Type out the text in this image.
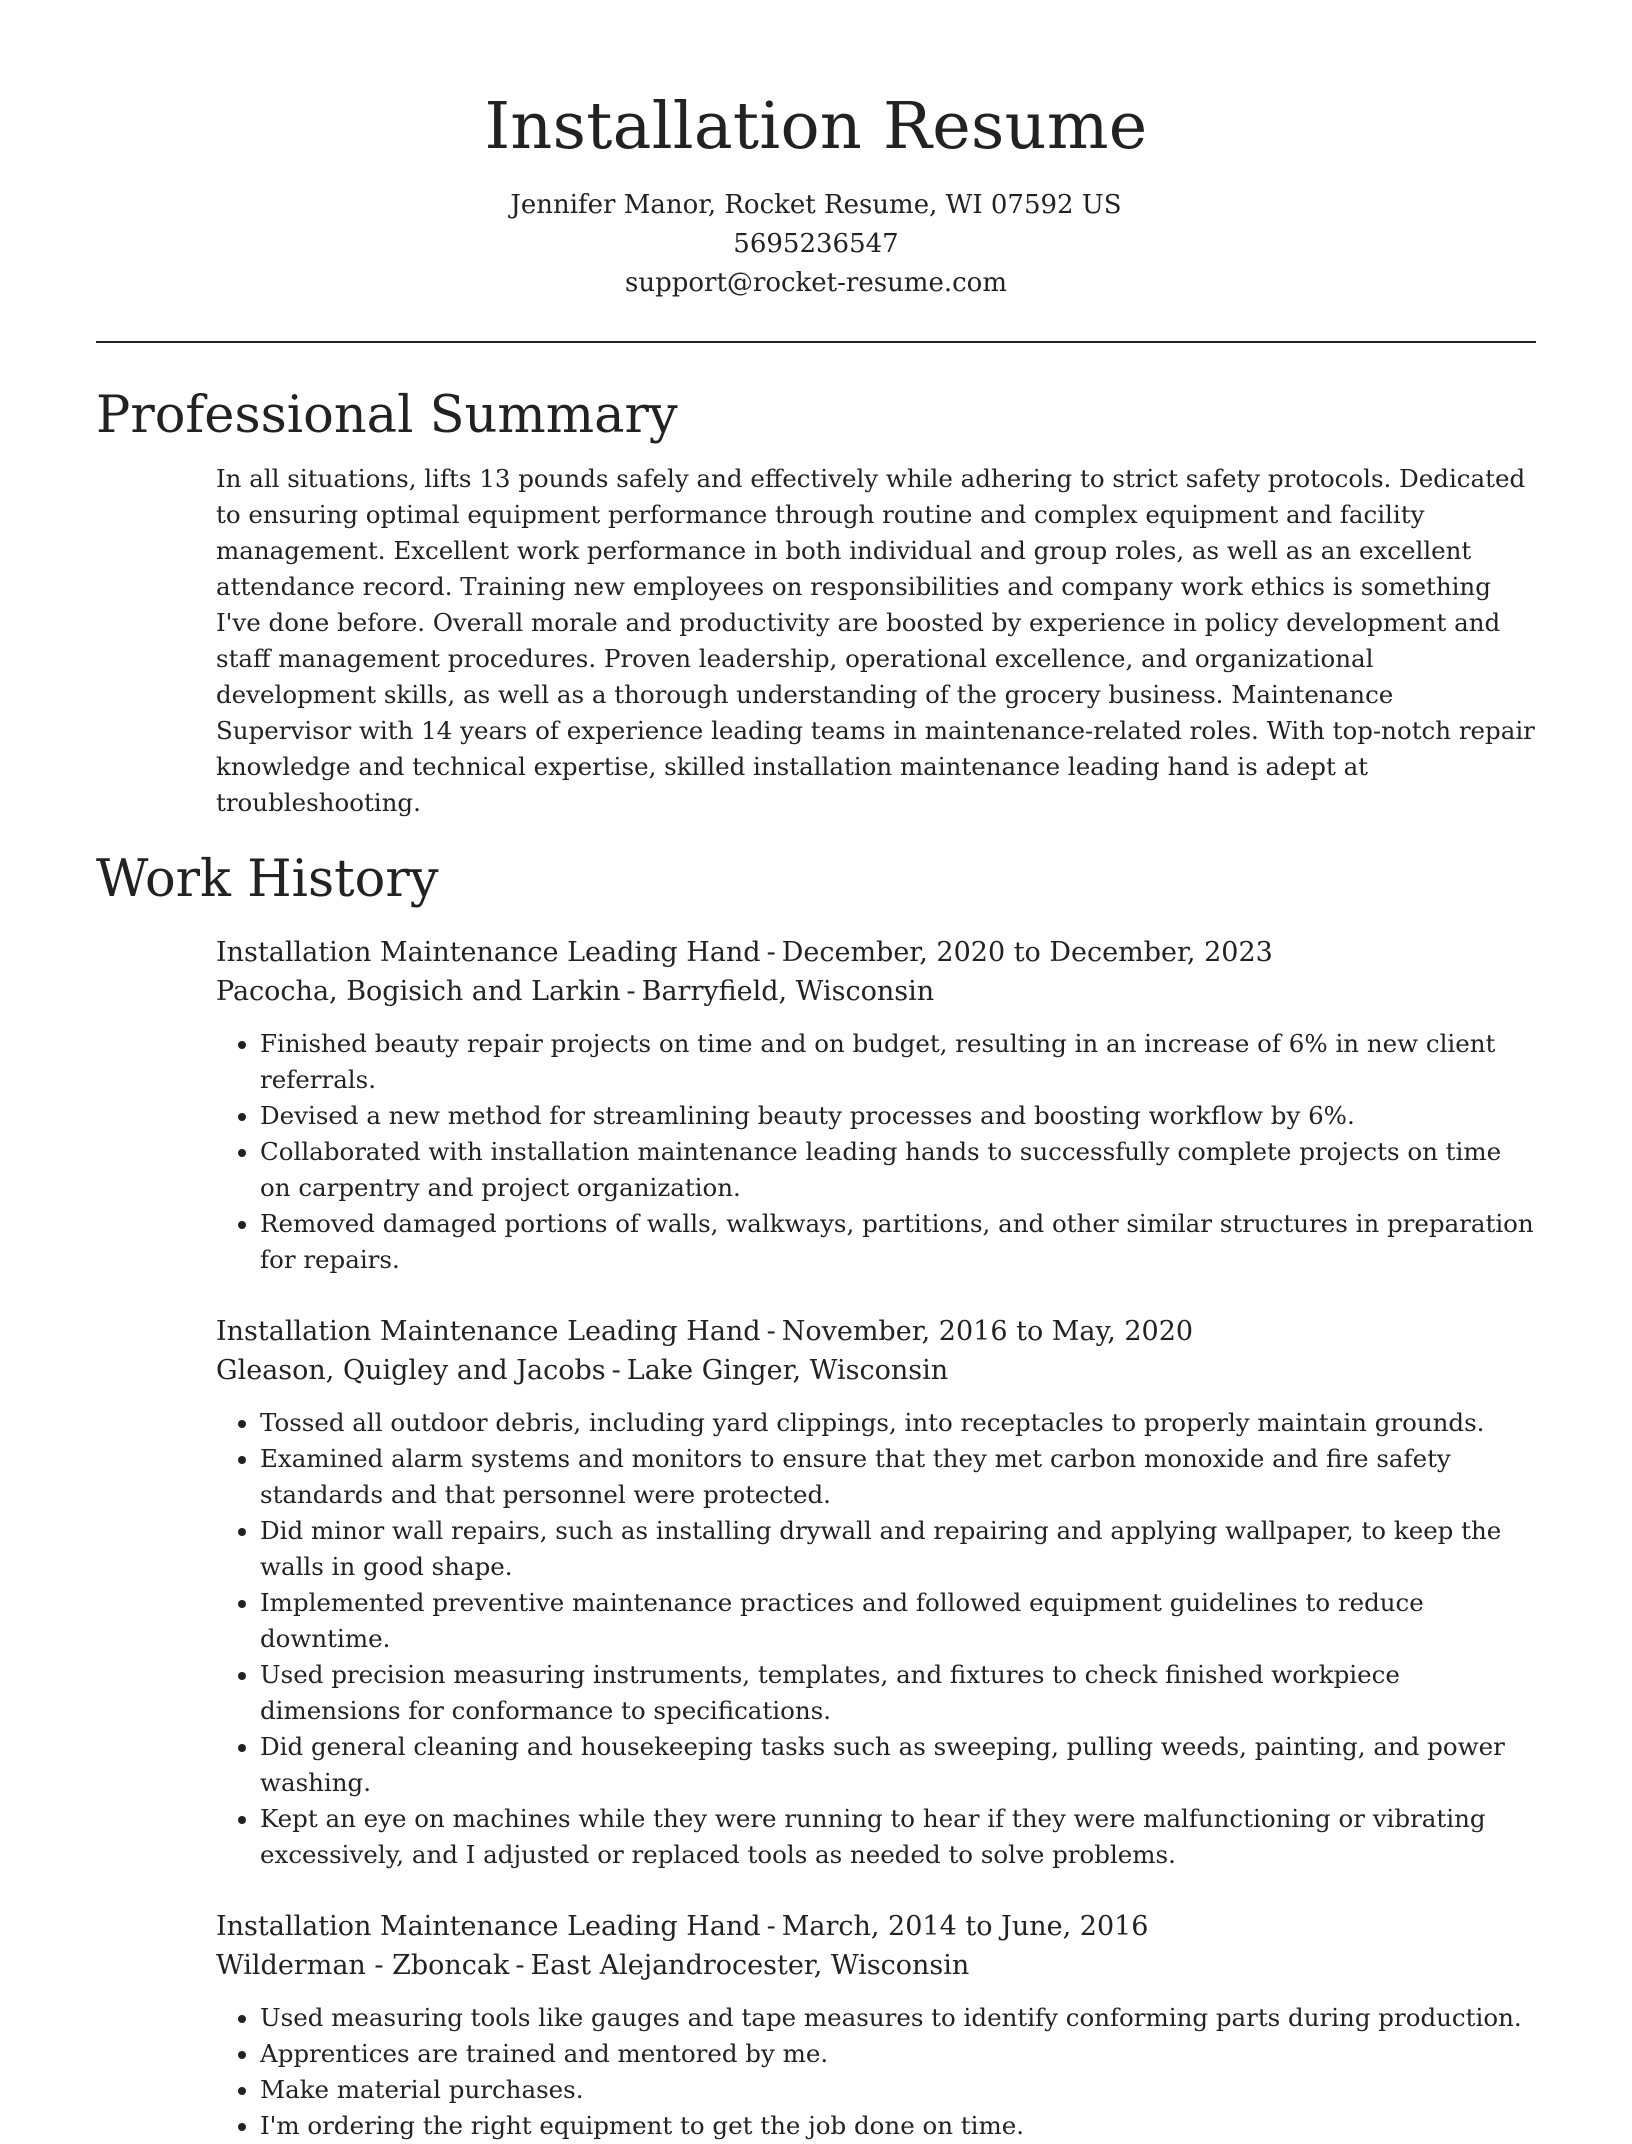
Installation Resume
Jennifer Manor, Rocket Resume, WI 07592 US
5695236547
support@rocket-resume.com
Professional Summary

In all situations, lifts 13 pounds safely and effectively while adhering to strict safety protocols. Dedicated to ensuring optimal equipment performance through routine and complex equipment and facility management. Excellent work performance in both individual and group roles, as well as an excellent attendance record. Training new employees on responsibilities and company work ethics is something I've done before. Overall morale and productivity are boosted by experience in policy development and staff management procedures. Proven leadership, operational excellence, and organizational development skills, as well as a thorough understanding of the grocery business. Maintenance Supervisor with 14 years of experience leading teams in maintenance-related roles. With top-notch repair knowledge and technical expertise, skilled installation maintenance leading hand is adept at troubleshooting.

Work History
Installation Maintenance Leading Hand - December, 2020 to December, 2023
Pacocha, Bogisich and Larkin - Barryfield, Wisconsin
• Finished beauty repair projects on time and on budget, resulting in an increase of 6% in new client referrals.
• Devised a new method for streamlining beauty processes and boosting workflow by 6%.
• Collaborated with installation maintenance leading hands to successfully complete projects on time on carpentry and project organization.
• Removed damaged portions of walls, walkways, partitions, and other similar structures in preparation for repairs.
Installation Maintenance Leading Hand - November, 2016 to May, 2020
Gleason, Quigley and Jacobs - Lake Ginger, Wisconsin
• Tossed all outdoor debris, including yard clippings, into receptacles to properly maintain grounds.
• Examined alarm systems and monitors to ensure that they met carbon monoxide and fire safety standards and that personnel were protected.
• Did minor wall repairs, such as installing drywall and repairing and applying wallpaper, to keep the walls in good shape.
• Implemented preventive maintenance practices and followed equipment guidelines to reduce downtime.
• Used precision measuring instruments, templates, and fixtures to check finished workpiece dimensions for conformance to specifications.
• Did general cleaning and housekeeping tasks such as sweeping, pulling weeds, painting, and power washing.
• Kept an eye on machines while they were running to hear if they were malfunctioning or vibrating excessively, and I adjusted or replaced tools as needed to solve problems.
Installation Maintenance Leading Hand - March, 2014 to June, 2016
Wilderman - Zboncak - East Alejandrocester, Wisconsin
• Used measuring tools like gauges and tape measures to identify conforming parts during production.
• Apprentices are trained and mentored by me.
• Make material purchases.
• I'm ordering the right equipment to get the job done on time.
